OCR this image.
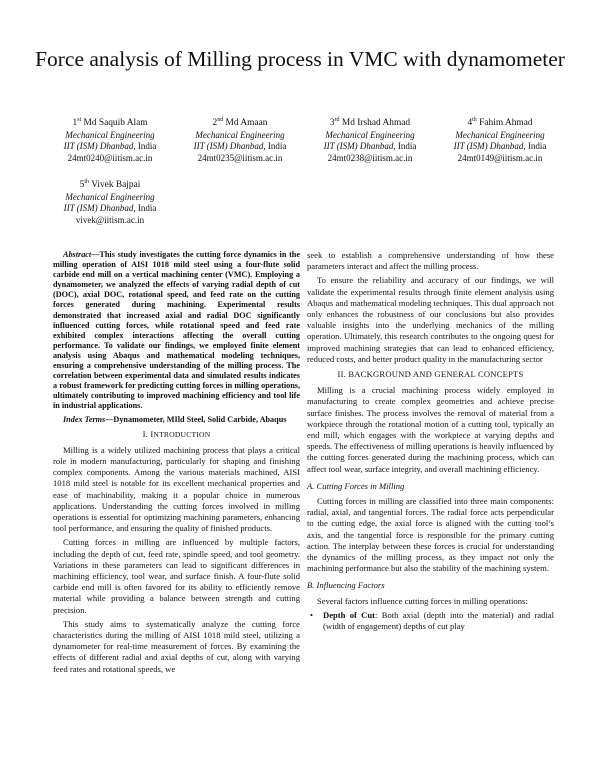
Force analysis of Milling process in VMC with dynamometer
1st Md Saquib Alam

Mechanical Engineering
IIT (ISM) Dhanbad, India
24mt0240@iitism.ac.in
2nd Md Amaan

Mechanical Engineering
IIT (ISM) Dhanbad, India
24mt0235@iitism.ac.in
3rd Md Irshad Ahmad

Mechanical Engineering
IIT (ISM) Dhanbad, India
24mt0238@iitism.ac.in
4th Fahim Ahmad

Mechanical Engineering
IIT (ISM) Dhanbad, India
24mt0149@iitism.ac.in
5th Vivek Bajpai

Mechanical Engineering
IIT (ISM) Dhanbad, India
vivek@iitism.ac.in

Abstract—This study investigates the cutting force dynamics in the milling operation of AISI 1018 mild steel using a four-flute solid carbide end mill on a vertical machining center (VMC). Employing a dynamometer, we analyzed the effects of varying radial depth of cut (DOC), axial DOC, rotational speed, and feed rate on the cutting forces generated during machining. Experimental results demonstrated that increased axial and radial DOC significantly influenced cutting forces, while rotational speed and feed rate exhibited complex interactions affecting the overall cutting performance. To validate our findings, we employed finite element analysis using Abaqus and mathematical modeling techniques, ensuring a comprehensive understanding of the milling process. The correlation between experimental data and simulated results indicates a robust framework for predicting cutting forces in milling operations, ultimately contributing to improved machining efficiency and tool life in industrial applications.

Index Terms—Dynamometer, MIld Steel, Solid Carbide, Abaqus

I. INTRODUCTION

Milling is a widely utilized machining process that plays a critical role in modern manufacturing, particularly for shaping and finishing complex components. Among the various materials machined, AISI 1018 mild steel is notable for its excellent mechanical properties and ease of machinability, making it a popular choice in numerous applications. Understanding the cutting forces involved in milling operations is essential for optimizing machining parameters, enhancing tool performance, and ensuring the quality of finished products.

Cutting forces in milling are influenced by multiple factors, including the depth of cut, feed rate, spindle speed, and tool geometry. Variations in these parameters can lead to significant differences in machining efficiency, tool wear, and surface finish. A four-flute solid carbide end mill is often favored for its ability to efficiently remove material while providing a balance between strength and cutting precision.

This study aims to systematically analyze the cutting force characteristics during the milling of AISI 1018 mild steel, utilizing a dynamometer for real-time measurement of forces. By examining the effects of different radial and axial depths of cut, along with varying feed rates and rotational speeds, we

seek to establish a comprehensive understanding of how these parameters interact and affect the milling process.

To ensure the reliability and accuracy of our findings, we will validate the experimental results through finite element analysis using Abaqus and mathematical modeling techniques. This dual approach not only enhances the robustness of our conclusions but also provides valuable insights into the underlying mechanics of the milling operation. Ultimately, this research contributes to the ongoing quest for improved machining strategies that can lead to enhanced efficiency, reduced costs, and better product quality in the manufacturing sector

II. BACKGROUND AND GENERAL CONCEPTS

Milling is a crucial machining process widely employed in manufacturing to create complex geometries and achieve precise surface finishes. The process involves the removal of material from a workpiece through the rotational motion of a cutting tool, typically an end mill, which engages with the workpiece at varying depths and speeds. The effectiveness of milling operations is heavily influenced by the cutting forces generated during the machining process, which can affect tool wear, surface integrity, and overall machining efficiency.

A. Cutting Forces in Milling

Cutting forces in milling are classified into three main components: radial, axial, and tangential forces. The radial force acts perpendicular to the cutting edge, the axial force is aligned with the cutting tool’s axis, and the tangential force is responsible for the primary cutting action. The interplay between these forces is crucial for understanding the dynamics of the milling process, as they impact not only the machining performance but also the stability of the machining system.

B. Influencing Factors

Several factors influence cutting forces in milling operations:

• Depth of Cut: Both axial (depth into the material) and radial (width of engagement) depths of cut play
